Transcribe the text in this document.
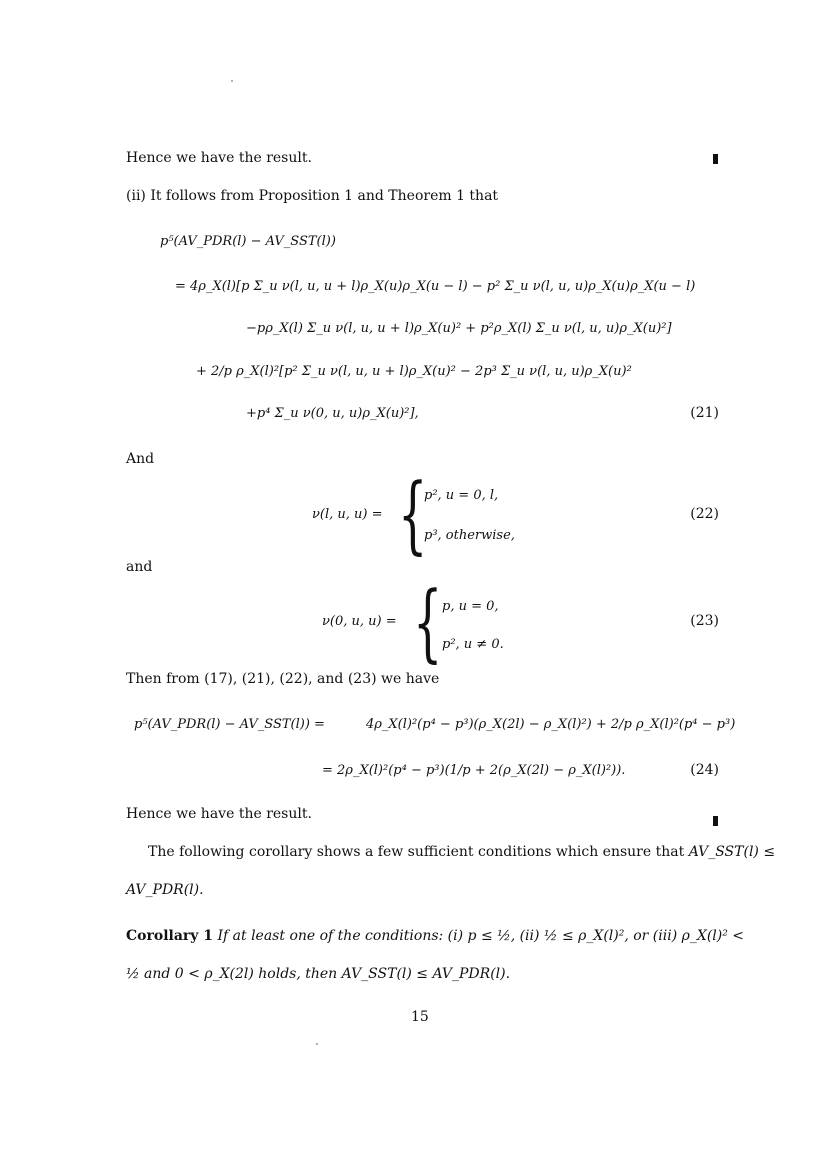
Hence we have the result.
(ii) It follows from Proposition 1 and Theorem 1 that
p⁵(AV_PDR(l) − AV_SST(l))
= 4ρ_X(l)[p Σ_u ν(l, u, u + l)ρ_X(u)ρ_X(u − l) − p² Σ_u ν(l, u, u)ρ_X(u)ρ_X(u − l)
−pρ_X(l) Σ_u ν(l, u, u + l)ρ_X(u)² + p²ρ_X(l) Σ_u ν(l, u, u)ρ_X(u)²]
+ 2/p ρ_X(l)²[p² Σ_u ν(l, u, u + l)ρ_X(u)² − 2p³ Σ_u ν(l, u, u)ρ_X(u)²
+p⁴ Σ_u ν(0, u, u)ρ_X(u)²],	(21)
And
ν(l, u, u) = {
p², u = 0, l,
p³, otherwise,
(22)
and
ν(0, u, u) = { p, u = 0,
p², u ≠ 0.
(23)
Then from (17), (21), (22), and (23) we have
p⁵(AV_PDR(l) − AV_SST(l)) =	4ρ_X(l)²(p⁴ − p³)(ρ_X(2l) − ρ_X(l)²) + 2/p ρ_X(l)²(p⁴ − p³)
= 2ρ_X(l)²(p⁴ − p³)(1/p + 2(ρ_X(2l) − ρ_X(l)²)).	(24)
Hence we have the result.
The following corollary shows a few sufficient conditions which ensure that AV_SST(l) ≤
AV_PDR(l).
Corollary 1 If at least one of the conditions: (i) p ≤ ½, (ii) ½ ≤ ρ_X(l)², or (iii) ρ_X(l)² <
½ and 0 < ρ_X(2l) holds, then AV_SST(l) ≤ AV_PDR(l).
15
